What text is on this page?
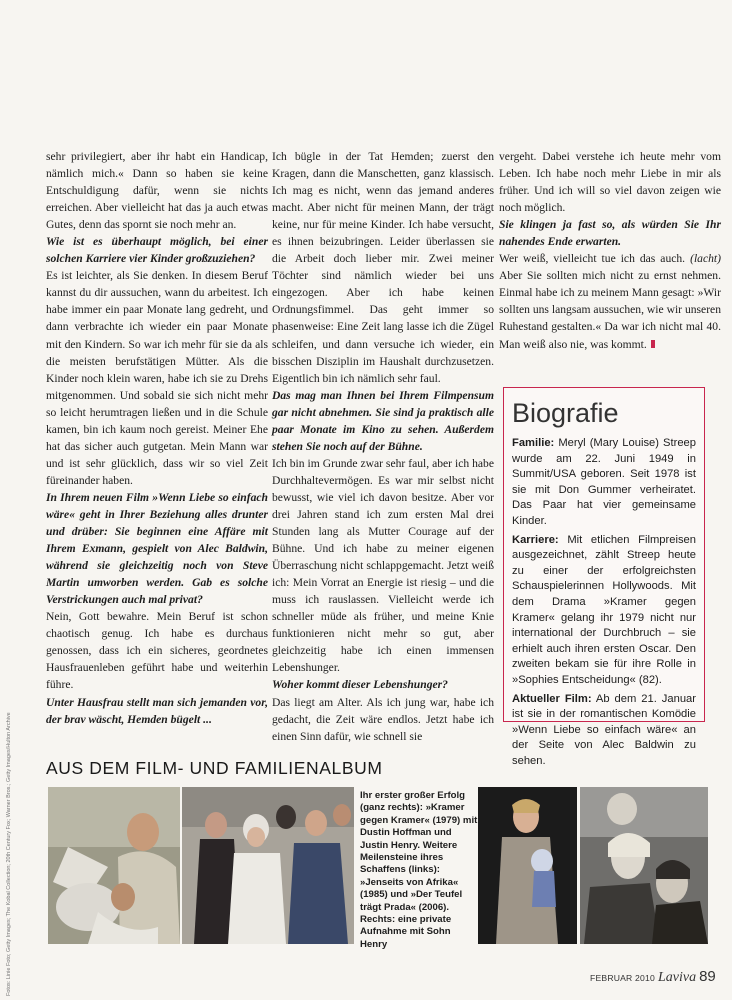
sehr privilegiert, aber ihr habt ein Handicap, nämlich mich.« Dann so haben sie keine Entschuldigung dafür, wenn sie nichts erreichen. Aber vielleicht hat das ja auch etwas Gutes, denn das spornt sie noch mehr an.

Wie ist es überhaupt möglich, bei einer solchen Karriere vier Kinder großzuziehen?

Es ist leichter, als Sie denken. In diesem Beruf kannst du dir aussuchen, wann du arbeitest. Ich habe immer ein paar Monate lang gedreht, und dann verbrachte ich wieder ein paar Monate mit den Kindern. So war ich mehr für sie da als die meisten berufstätigen Mütter. Als die Kinder noch klein waren, habe ich sie zu Drehs mitgenommen. Und sobald sie sich nicht mehr so leicht herumtragen ließen und in die Schule kamen, bin ich kaum noch gereist. Meiner Ehe hat das sicher auch gutgetan. Mein Mann war und ist sehr glücklich, dass wir so viel Zeit füreinander haben.

In Ihrem neuen Film »Wenn Liebe so einfach wäre« geht in Ihrer Beziehung alles drunter und drüber: Sie beginnen eine Affäre mit Ihrem Exmann, gespielt von Alec Baldwin, während sie gleichzeitig noch von Steve Martin umworben werden. Gab es solche Verstrickungen auch mal privat?

Nein, Gott bewahre. Mein Beruf ist schon chaotisch genug. Ich habe es durchaus genossen, dass ich ein sicheres, geordnetes Hausfrauenleben geführt habe und weiterhin führe.

Unter Hausfrau stellt man sich jemanden vor, der brav wäscht, Hemden bügelt ...

Ich bügle in der Tat Hemden; zuerst den Kragen, dann die Manschetten, ganz klassisch. Ich mag es nicht, wenn das jemand anderes macht. Aber nicht für meinen Mann, der trägt keine, nur für meine Kinder. Ich habe versucht, es ihnen beizubringen. Leider überlassen sie die Arbeit doch lieber mir. Zwei meiner Töchter sind nämlich wieder bei uns eingezogen. Aber ich habe keinen Ordnungsfimmel. Das geht immer so phasenweise: Eine Zeit lang lasse ich die Zügel schleifen, und dann versuche ich wieder, ein bisschen Disziplin im Haushalt durchzusetzen. Eigentlich bin ich nämlich sehr faul.

Das mag man Ihnen bei Ihrem Filmpensum gar nicht abnehmen. Sie sind ja praktisch alle paar Monate im Kino zu sehen. Außerdem stehen Sie noch auf der Bühne.

Ich bin im Grunde zwar sehr faul, aber ich habe Durchhaltevermögen. Es war mir selbst nicht bewusst, wie viel ich davon besitze. Aber vor drei Jahren stand ich zum ersten Mal drei Stunden lang als Mutter Courage auf der Bühne. Und ich habe zu meiner eigenen Überraschung nicht schlappgemacht. Jetzt weiß ich: Mein Vorrat an Energie ist riesig – und die muss ich rauslassen. Vielleicht werde ich schneller müde als früher, und meine Knie funktionieren nicht mehr so gut, aber gleichzeitig habe ich einen immensen Lebenshunger.

Woher kommt dieser Lebenshunger?

Das liegt am Alter. Als ich jung war, habe ich gedacht, die Zeit wäre endlos. Jetzt habe ich einen Sinn dafür, wie schnell sie

vergeht. Dabei verstehe ich heute mehr vom Leben. Ich habe noch mehr Liebe in mir als früher. Und ich will so viel davon zeigen wie noch möglich.

Sie klingen ja fast so, als würden Sie Ihr nahendes Ende erwarten.

Wer weiß, vielleicht tue ich das auch. (lacht) Aber Sie sollten mich nicht zu ernst nehmen. Einmal habe ich zu meinem Mann gesagt: »Wir sollten uns langsam aussuchen, wie wir unseren Ruhestand gestalten.« Da war ich nicht mal 40. Man weiß also nie, was kommt.

Fotos: Linie Foto; Getty Images; The Kobal Collection; 20th Century Fox; Warner Bros.; Getty Images/Hulton Archive
Biografie

Familie: Meryl (Mary Louise) Streep wurde am 22. Juni 1949 in Summit/USA geboren. Seit 1978 ist sie mit Don Gummer verheiratet. Das Paar hat vier gemeinsame Kinder.

Karriere: Mit etlichen Filmpreisen ausgezeichnet, zählt Streep heute zu einer der erfolgreichsten Schauspielerinnen Hollywoods. Mit dem Drama »Kramer gegen Kramer« gelang ihr 1979 nicht nur international der Durchbruch – sie erhielt auch ihren ersten Oscar. Den zweiten bekam sie für ihre Rolle in »Sophies Entscheidung« (82).

Aktueller Film: Ab dem 21. Januar ist sie in der romantischen Komödie »Wenn Liebe so einfach wäre« an der Seite von Alec Baldwin zu sehen.

AUS DEM FILM- UND FAMILIENALBUM
Ihr erster großer Erfolg (ganz rechts): »Kramer gegen Kramer« (1979) mit Dustin Hoffman und Justin Henry. Weitere Meilensteine ihres Schaffens (links): »Jenseits von Afrika« (1985) und »Der Teufel trägt Prada« (2006). Rechts: eine private Aufnahme mit Sohn Henry
FEBRUAR 2010 Laviva 89
